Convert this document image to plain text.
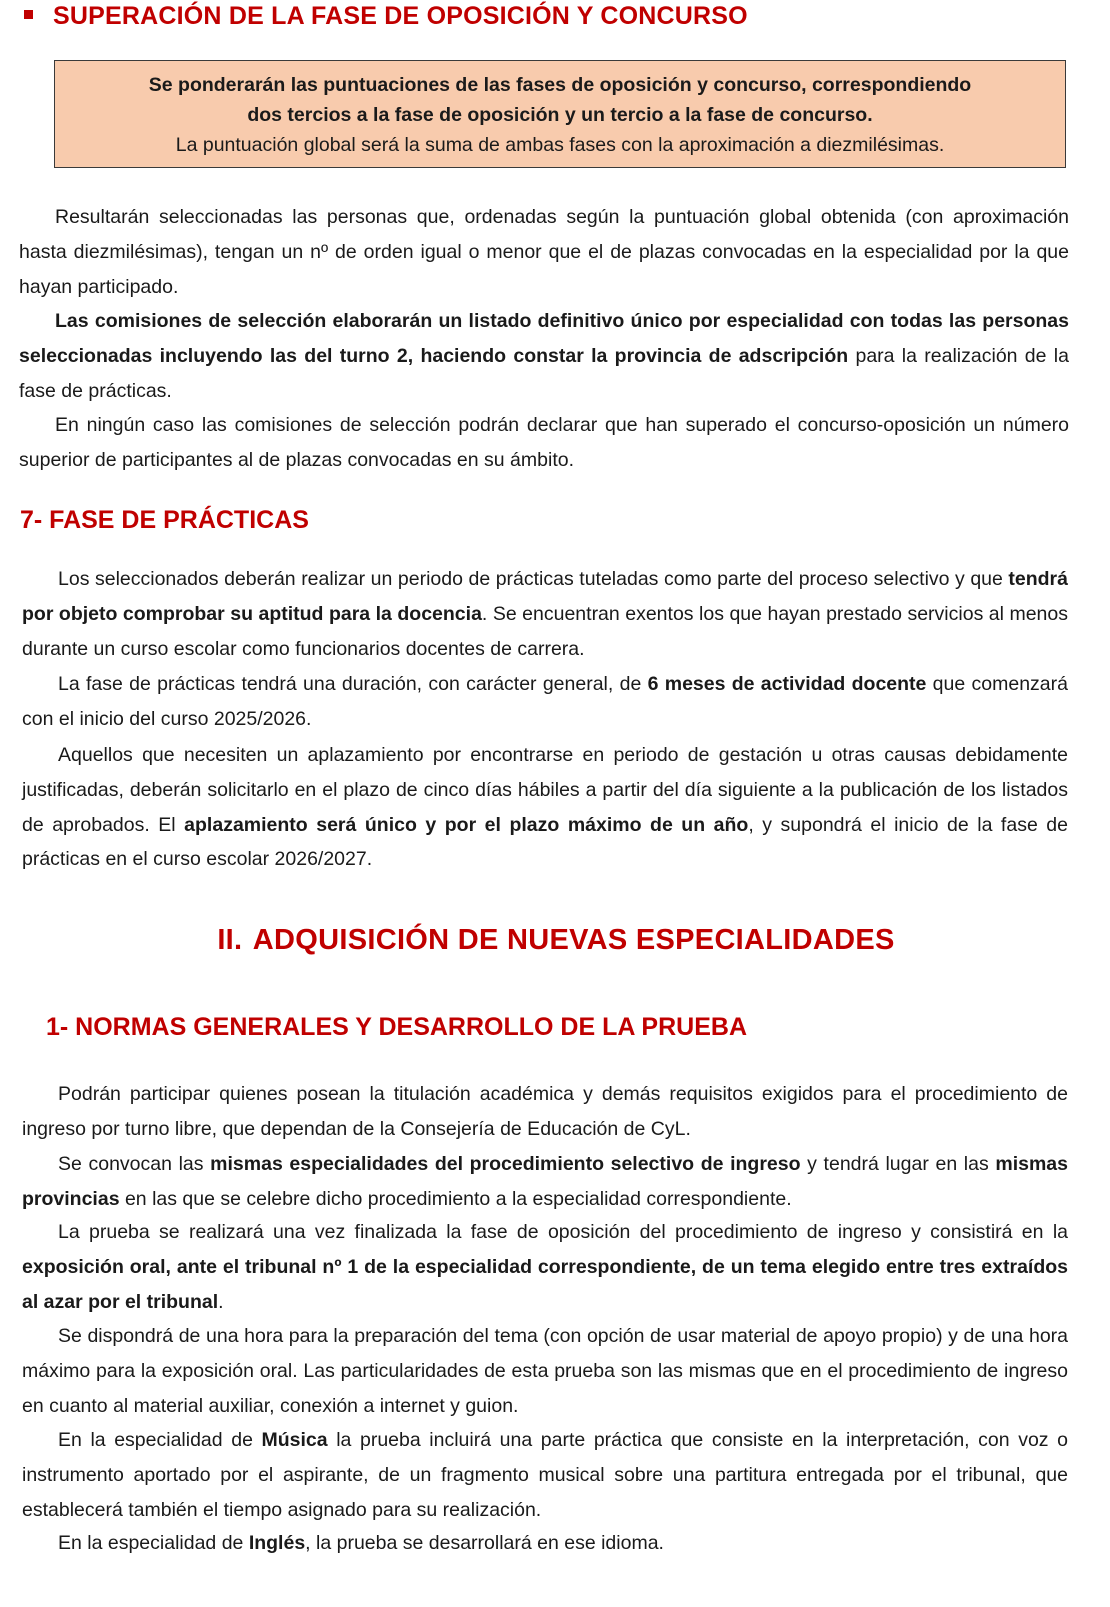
SUPERACIÓN DE LA FASE DE OPOSICIÓN Y CONCURSO

Se ponderarán las puntuaciones de las fases de oposición y concurso, correspondiendo

dos tercios a la fase de oposición y un tercio a la fase de concurso.

La puntuación global será la suma de ambas fases con la aproximación a diezmilésimas.

Resultarán seleccionadas las personas que, ordenadas según la puntuación global obtenida (con aproximación hasta diezmilésimas), tengan un nº de orden igual o menor que el de plazas convocadas en la especialidad por la que hayan participado.

Las comisiones de selección elaborarán un listado definitivo único por especialidad con todas las personas seleccionadas incluyendo las del turno 2, haciendo constar la provincia de adscripción para la realización de la fase de prácticas.

En ningún caso las comisiones de selección podrán declarar que han superado el concurso-oposición un número superior de participantes al de plazas convocadas en su ámbito.

7- FASE DE PRÁCTICAS

Los seleccionados deberán realizar un periodo de prácticas tuteladas como parte del proceso selectivo y que tendrá por objeto comprobar su aptitud para la docencia. Se encuentran exentos los que hayan prestado servicios al menos durante un curso escolar como funcionarios docentes de carrera.

La fase de prácticas tendrá una duración, con carácter general, de 6 meses de actividad docente que comenzará con el inicio del curso 2025/2026.

Aquellos que necesiten un aplazamiento por encontrarse en periodo de gestación u otras causas debidamente justificadas, deberán solicitarlo en el plazo de cinco días hábiles a partir del día siguiente a la publicación de los listados de aprobados. El aplazamiento será único y por el plazo máximo de un año, y supondrá el inicio de la fase de prácticas en el curso escolar 2026/2027.

II. ADQUISICIÓN DE NUEVAS ESPECIALIDADES
1- NORMAS GENERALES Y DESARROLLO DE LA PRUEBA

Podrán participar quienes posean la titulación académica y demás requisitos exigidos para el procedimiento de ingreso por turno libre, que dependan de la Consejería de Educación de CyL.

Se convocan las mismas especialidades del procedimiento selectivo de ingreso y tendrá lugar en las mismas provincias en las que se celebre dicho procedimiento a la especialidad correspondiente.

La prueba se realizará una vez finalizada la fase de oposición del procedimiento de ingreso y consistirá en la exposición oral, ante el tribunal nº 1 de la especialidad correspondiente, de un tema elegido entre tres extraídos al azar por el tribunal.

Se dispondrá de una hora para la preparación del tema (con opción de usar material de apoyo propio) y de una hora máximo para la exposición oral. Las particularidades de esta prueba son las mismas que en el procedimiento de ingreso en cuanto al material auxiliar, conexión a internet y guion.

En la especialidad de Música la prueba incluirá una parte práctica que consiste en la interpretación, con voz o instrumento aportado por el aspirante, de un fragmento musical sobre una partitura entregada por el tribunal, que establecerá también el tiempo asignado para su realización.

En la especialidad de Inglés, la prueba se desarrollará en ese idioma.
